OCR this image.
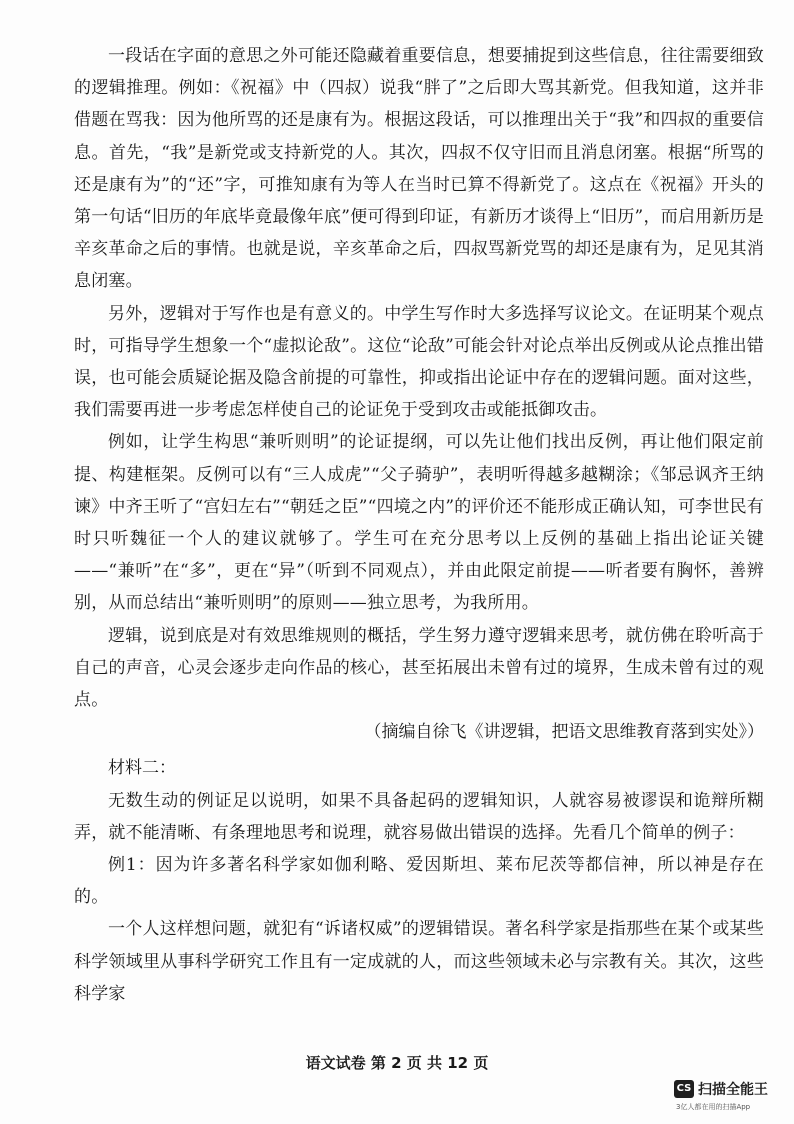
一段话在字面的意思之外可能还隐藏着重要信息，想要捕捉到这些信息，往往需要细致的逻辑推理。例如：《祝福》中（四叔）说我“胖了”之后即大骂其新党。但我知道，这并非借题在骂我：因为他所骂的还是康有为。根据这段话，可以推理出关于“我”和四叔的重要信息。首先，“我”是新党或支持新党的人。其次，四叔不仅守旧而且消息闭塞。根据“所骂的还是康有为”的“还”字，可推知康有为等人在当时已算不得新党了。这点在《祝福》开头的第一句话“旧历的年底毕竟最像年底”便可得到印证，有新历才谈得上“旧历”，而启用新历是辛亥革命之后的事情。也就是说，辛亥革命之后，四叔骂新党骂的却还是康有为，足见其消息闭塞。

另外，逻辑对于写作也是有意义的。中学生写作时大多选择写议论文。在证明某个观点时，可指导学生想象一个“虚拟论敌”。这位“论敌”可能会针对论点举出反例或从论点推出错误，也可能会质疑论据及隐含前提的可靠性，抑或指出论证中存在的逻辑问题。面对这些，我们需要再进一步考虑怎样使自己的论证免于受到攻击或能抵御攻击。

例如，让学生构思“兼听则明”的论证提纲，可以先让他们找出反例，再让他们限定前提、构建框架。反例可以有“三人成虎”“父子骑驴”，表明听得越多越糊涂；《邹忌讽齐王纳谏》中齐王听了“宫妇左右”“朝廷之臣”“四境之内”的评价还不能形成正确认知，可李世民有时只听魏征一个人的建议就够了。学生可在充分思考以上反例的基础上指出论证关键——“兼听”在“多”，更在“异”（听到不同观点），并由此限定前提——听者要有胸怀，善辨别，从而总结出“兼听则明”的原则——独立思考，为我所用。

逻辑，说到底是对有效思维规则的概括，学生努力遵守逻辑来思考，就仿佛在聆听高于自己的声音，心灵会逐步走向作品的核心，甚至拓展出未曾有过的境界，生成未曾有过的观点。

（摘编自徐飞《讲逻辑，把语文思维教育落到实处》）

材料二：

无数生动的例证足以说明，如果不具备起码的逻辑知识，人就容易被谬误和诡辩所糊弄，就不能清晰、有条理地思考和说理，就容易做出错误的选择。先看几个简单的例子：

例1：因为许多著名科学家如伽利略、爱因斯坦、莱布尼茨等都信神，所以神是存在的。

一个人这样想问题，就犯有“诉诸权威”的逻辑错误。著名科学家是指那些在某个或某些科学领域里从事科学研究工作且有一定成就的人，而这些领域未必与宗教有关。其次，这些科学家

语文试卷 第 2 页 共 12 页
CS 扫描全能王
3亿人都在用的扫描App
